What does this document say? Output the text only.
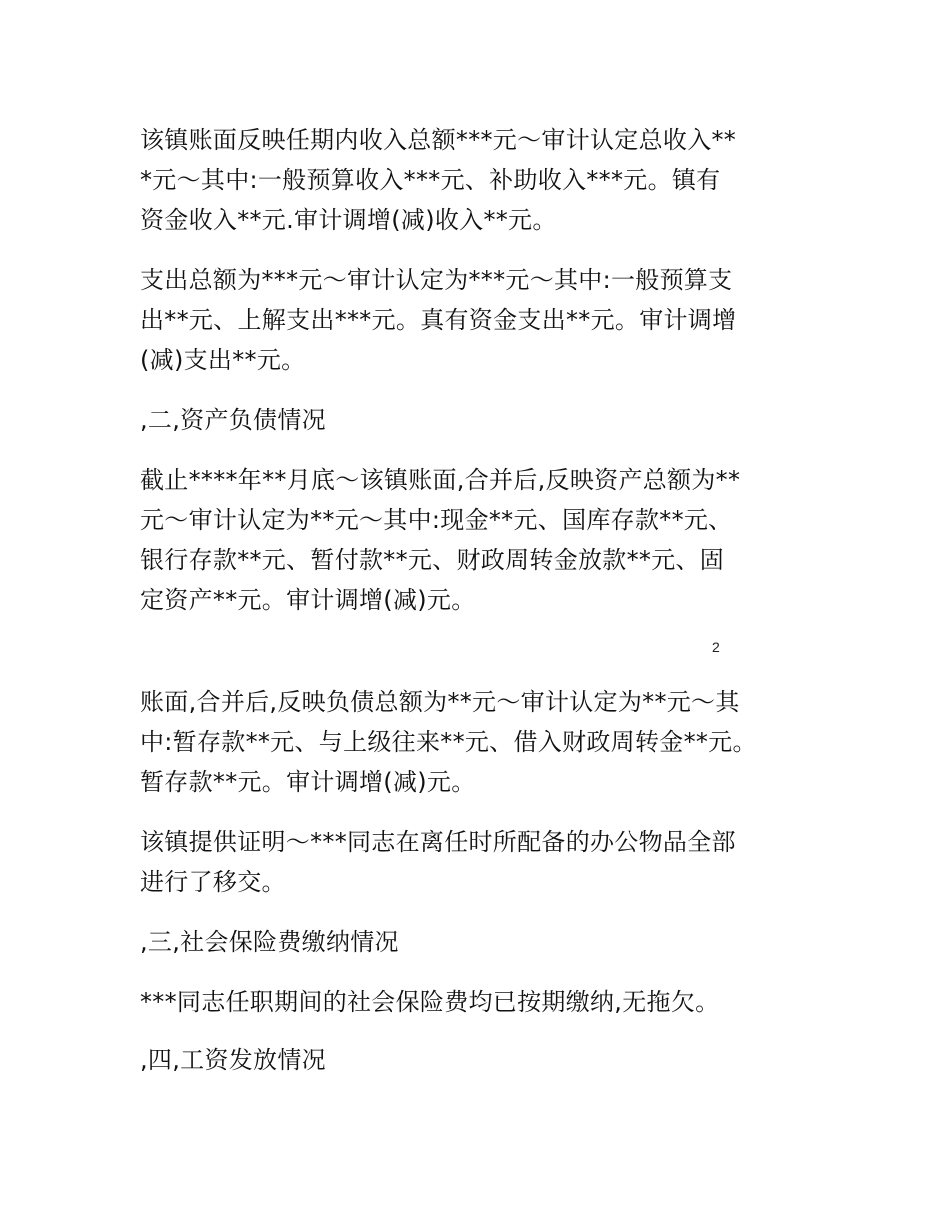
该镇账面反映任期内收入总额***元～审计认定总收入**
*元～其中:一般预算收入***元、补助收入***元。镇有
资金收入**元.审计调增(减)收入**元。

支出总额为***元～审计认定为***元～其中:一般预算支
出**元、上解支出***元。真有资金支出**元。审计调增
(减)支出**元。

,二,资产负债情况

截止****年**月底～该镇账面,合并后,反映资产总额为**
元～审计认定为**元～其中:现金**元、国库存款**元、
银行存款**元、暂付款**元、财政周转金放款**元、固
定资产**元。审计调增(减)元。

2

账面,合并后,反映负债总额为**元～审计认定为**元～其
中:暂存款**元、与上级往来**元、借入财政周转金**元。
暂存款**元。审计调增(减)元。

该镇提供证明～***同志在离任时所配备的办公物品全部
进行了移交。

,三,社会保险费缴纳情况

***同志任职期间的社会保险费均已按期缴纳,无拖欠。

,四,工资发放情况
